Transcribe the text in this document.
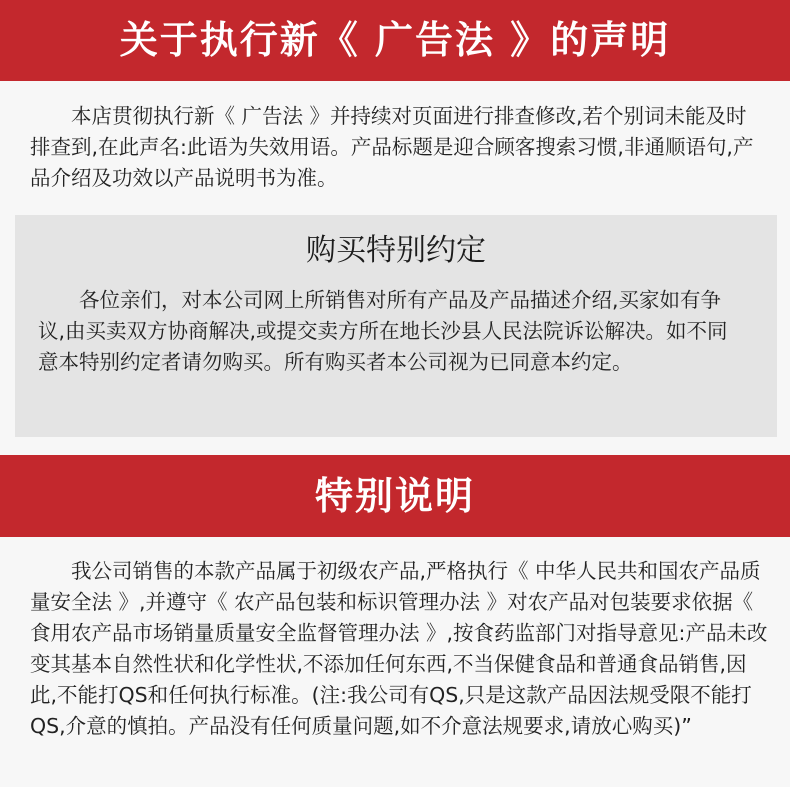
关于执行新《 广告法 》的声明

本店贯彻执行新《 广告法 》并持续对页面进行排查修改,若个别词未能及时排查到,在此声名:此语为失效用语。产品标题是迎合顾客搜索习惯,非通顺语句,产品介绍及功效以产品说明书为准。

购买特别约定

各位亲们，对本公司网上所销售对所有产品及产品描述介绍,买家如有争议,由买卖双方协商解决,或提交卖方所在地长沙县人民法院诉讼解决。如不同意本特别约定者请勿购买。所有购买者本公司视为已同意本约定。

特别说明

我公司销售的本款产品属于初级农产品,严格执行《 中华人民共和国农产品质量安全法 》,并遵守《 农产品包装和标识管理办法 》对农产品对包装要求依据《 食用农产品市场销量质量安全监督管理办法 》,按食药监部门对指导意见:产品未改变其基本自然性状和化学性状,不添加任何东西,不当保健食品和普通食品销售,因此,不能打QS和任何执行标准。(注:我公司有QS,只是这款产品因法规受限不能打QS,介意的慎拍。产品没有任何质量问题,如不介意法规要求,请放心购买)”
